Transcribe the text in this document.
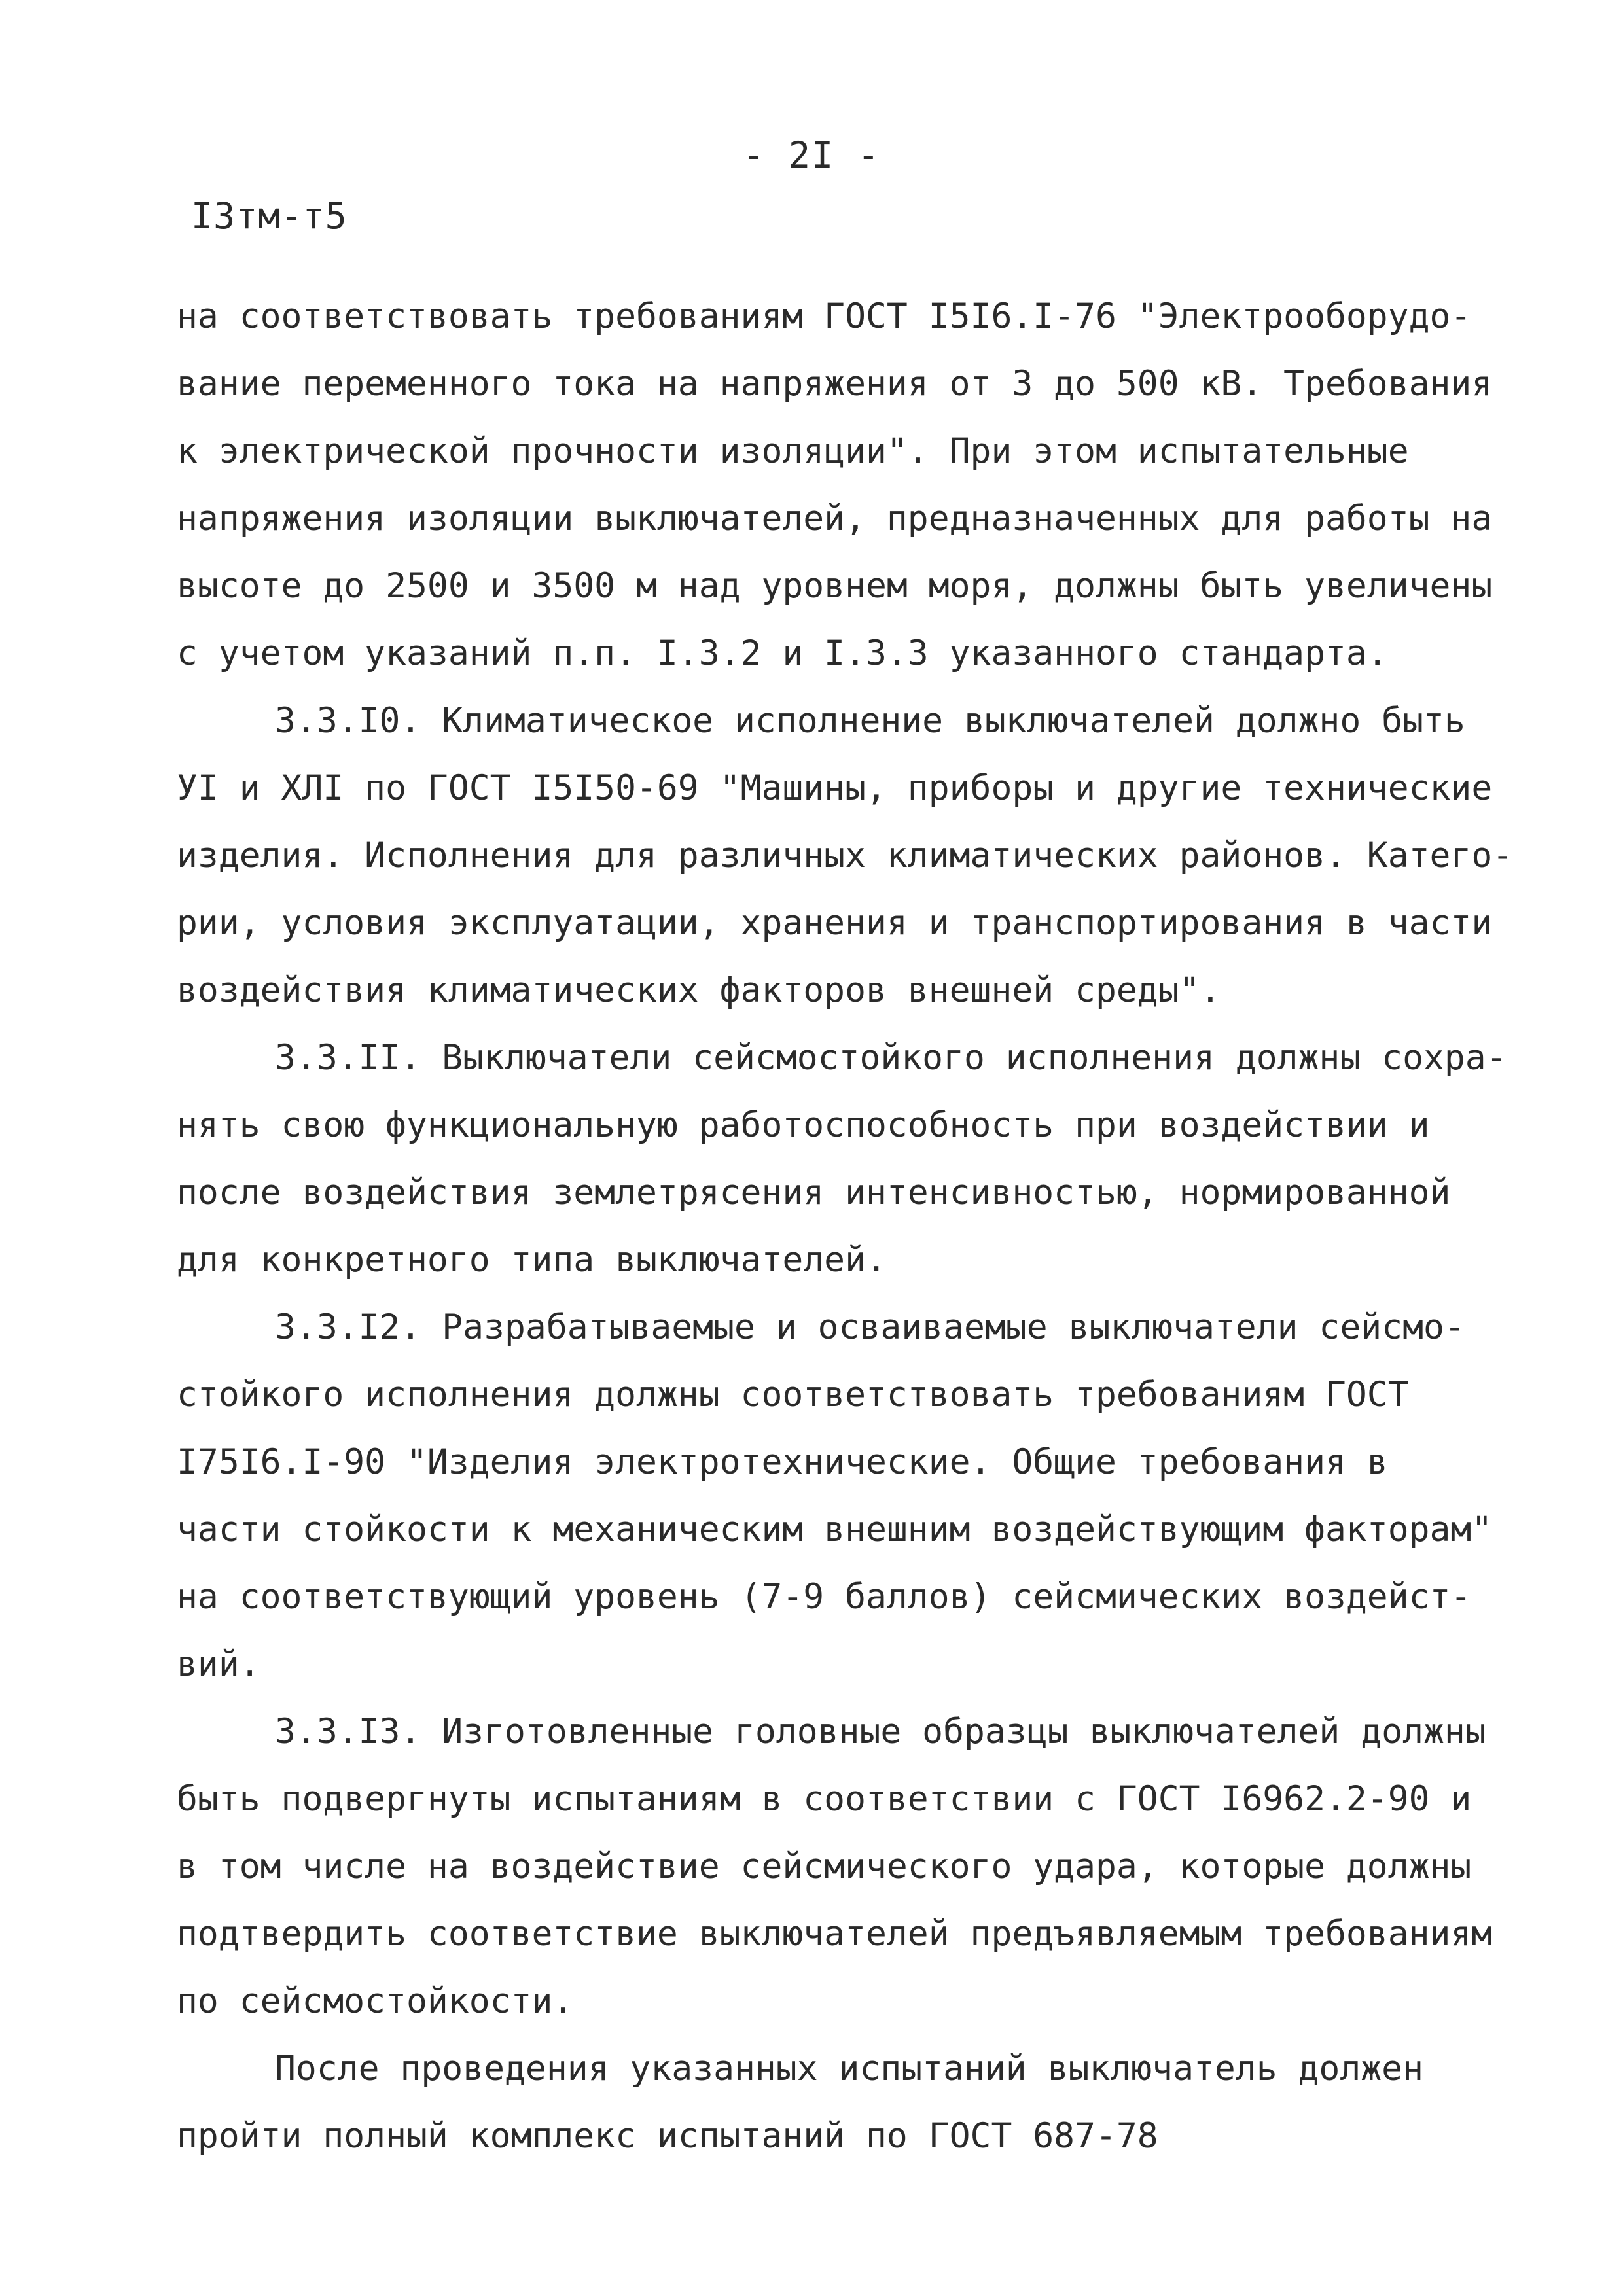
- 2I -
I3тм-т5
на соответствовать требованиям ГОСТ I5I6.I-76 "Электрооборудо-
вание переменного тока на напряжения от 3 до 500 кВ. Требования
к электрической прочности изоляции". При этом испытательные
напряжения изоляции выключателей, предназначенных для работы на
высоте до 2500 и 3500 м над уровнем моря, должны быть увеличены
с учетом указаний п.п. I.3.2 и I.3.3 указанного стандарта.
3.3.I0. Климатическое исполнение выключателей должно быть
УI и ХЛI по ГОСТ I5I50-69 "Машины, приборы и другие технические
изделия. Исполнения для различных климатических районов. Катего-
рии, условия эксплуатации, хранения и транспортирования в части
воздействия климатических факторов внешней среды".
3.3.II. Выключатели сейсмостойкого исполнения должны сохра-
нять свою функциональную работоспособность при воздействии и
после воздействия землетрясения интенсивностью, нормированной
для конкретного типа выключателей.
3.3.I2. Разрабатываемые и осваиваемые выключатели сейсмо-
стойкого исполнения должны соответствовать требованиям ГОСТ
I75I6.I-90 "Изделия электротехнические. Общие требования в
части стойкости к механическим внешним воздействующим факторам"
на соответствующий уровень (7-9 баллов) сейсмических воздейст-
вий.
3.3.I3. Изготовленные головные образцы выключателей должны
быть подвергнуты испытаниям в соответствии с ГОСТ I6962.2-90 и
в том числе на воздействие сейсмического удара, которые должны
подтвердить соответствие выключателей предъявляемым требованиям
по сейсмостойкости.
После проведения указанных испытаний выключатель должен
пройти полный комплекс испытаний по ГОСТ 687-78
